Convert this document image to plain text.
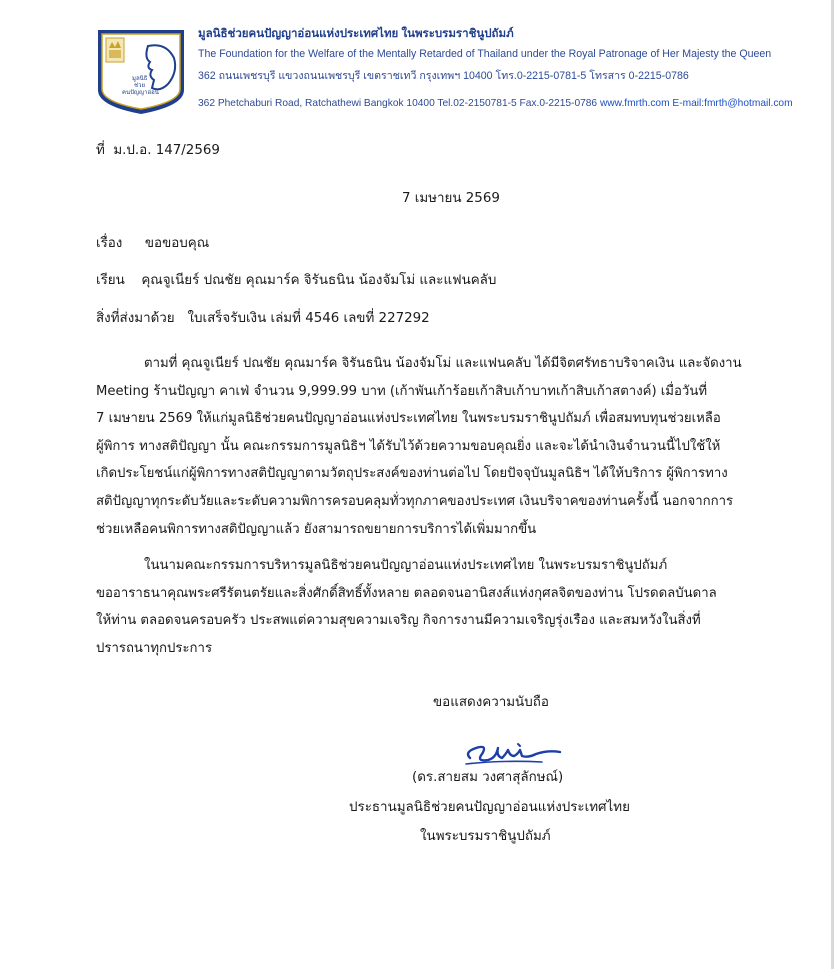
มูลนิธิ
ช่วย
คนปัญญาอ่อน
มูลนิธิช่วยคนปัญญาอ่อนแห่งประเทศไทย ในพระบรมราชินูปถัมภ์
The Foundation for the Welfare of the Mentally Retarded of Thailand under the Royal Patronage of Her Majesty the Queen
362 ถนนเพชรบุรี แขวงถนนเพชรบุรี เขตราชเทวี กรุงเทพฯ 10400 โทร.0-2215-0781-5 โทรสาร 0-2215-0786
362 Phetchaburi Road, Ratchathewi Bangkok 10400 Tel.02-2150781-5 Fax.0-2215-0786 www.fmrth.com E-mail:fmrth@hotmail.com
ที่ ม.ป.อ. 147/2569
7 เมษายน 2569
เรื่อง ขอขอบคุณ
เรียน คุณจูเนียร์ ปณชัย คุณมาร์ค จิรันธนิน น้องจัมโม่ และแฟนคลับ
สิ่งที่ส่งมาด้วย ใบเสร็จรับเงิน เล่มที่ 4546 เลขที่ 227292
ตามที่ คุณจูเนียร์ ปณชัย คุณมาร์ค จิรันธนิน น้องจัมโม่ และแฟนคลับ ได้มีจิตศรัทธาบริจาคเงิน และจัดงาน
Meeting ร้านปัญญา คาเฟ่ จำนวน 9,999.99 บาท (เก้าพันเก้าร้อยเก้าสิบเก้าบาทเก้าสิบเก้าสตางค์) เมื่อวันที่
7 เมษายน 2569 ให้แก่มูลนิธิช่วยคนปัญญาอ่อนแห่งประเทศไทย ในพระบรมราชินูปถัมภ์ เพื่อสมทบทุนช่วยเหลือ
ผู้พิการ ทางสติปัญญา นั้น คณะกรรมการมูลนิธิฯ ได้รับไว้ด้วยความขอบคุณยิ่ง และจะได้นำเงินจำนวนนี้ไปใช้ให้
เกิดประโยชน์แก่ผู้พิการทางสติปัญญาตามวัตถุประสงค์ของท่านต่อไป โดยปัจจุบันมูลนิธิฯ ได้ให้บริการ ผู้พิการทาง
สติปัญญาทุกระดับวัยและระดับความพิการครอบคลุมทั่วทุกภาคของประเทศ เงินบริจาคของท่านครั้งนี้ นอกจากการ
ช่วยเหลือคนพิการทางสติปัญญาแล้ว ยังสามารถขยายการบริการได้เพิ่มมากขึ้น
ในนามคณะกรรมการบริหารมูลนิธิช่วยคนปัญญาอ่อนแห่งประเทศไทย ในพระบรมราชินูปถัมภ์
ขออาราธนาคุณพระศรีรัตนตรัยและสิ่งศักดิ์สิทธิ์ทั้งหลาย ตลอดจนอานิสงส์แห่งกุศลจิตของท่าน โปรดดลบันดาล
ให้ท่าน ตลอดจนครอบครัว ประสพแต่ความสุขความเจริญ กิจการงานมีความเจริญรุ่งเรือง และสมหวังในสิ่งที่
ปรารถนาทุกประการ
ขอแสดงความนับถือ
(ดร.สายสม วงศาสุลักษณ์)
ประธานมูลนิธิช่วยคนปัญญาอ่อนแห่งประเทศไทย
ในพระบรมราชินูปถัมภ์
